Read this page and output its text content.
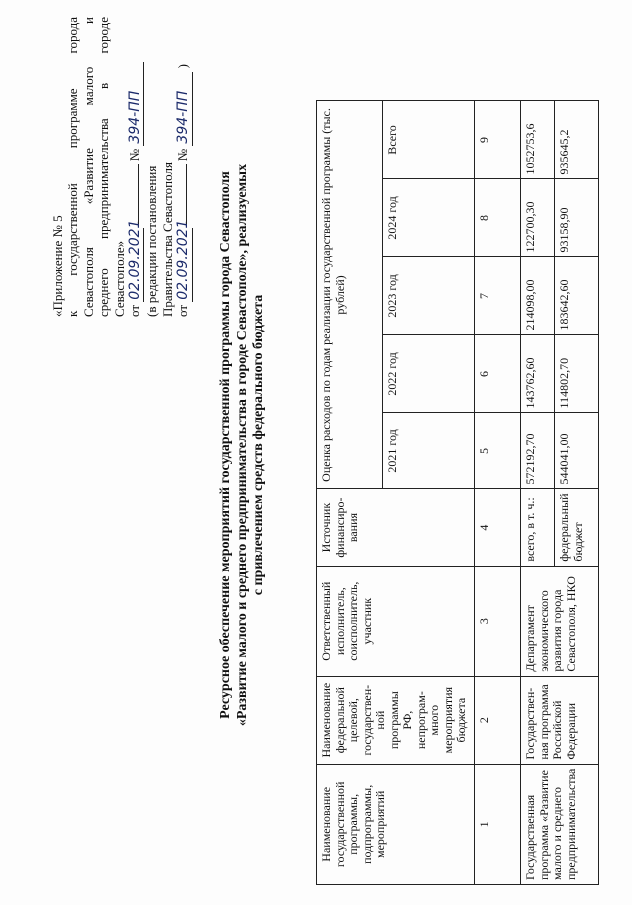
«Приложение № 5 к государственной программе города Севастополя «Развитие малого и среднего предпринимательства в городе Севастополе» от 02.09.2021  № 394-ПП
(в редакции постановления Правительства Севастополя от 02.09.2021  № 394-ПП )
Ресурсное обеспечение мероприятий государственной программы города Севастополя «Развитие малого и среднего предпринимательства в городе Севастополе», реализуемых с привлечением средств федерального бюджета
Наименование государственной программы, подпрограммы, мероприятий	Наименование федеральной целевой, государствен-ной программы РФ, непрограм-много мероприятия бюджета	Ответственный исполнитель, соисполнитель, участник	Источник финансиро-вания	Оценка расходов по годам реализации государственной программы (тыс. рублей)				
				2021 год	2022 год	2023 год	2024 год	Всего
1	2	3	4	5	6	7	8	9
Государственная программа «Развитие малого и среднего предпринимательства	Государствен-ная программа Российской Федерации	Департамент экономического развития города Севастополя, НКО	всего, в т. ч.:	572192,70	143762,60	214098,00	122700,30	1052753,6
			федеральный бюджет	544041,00	114802,70	183642,60	93158,90	935645,2
